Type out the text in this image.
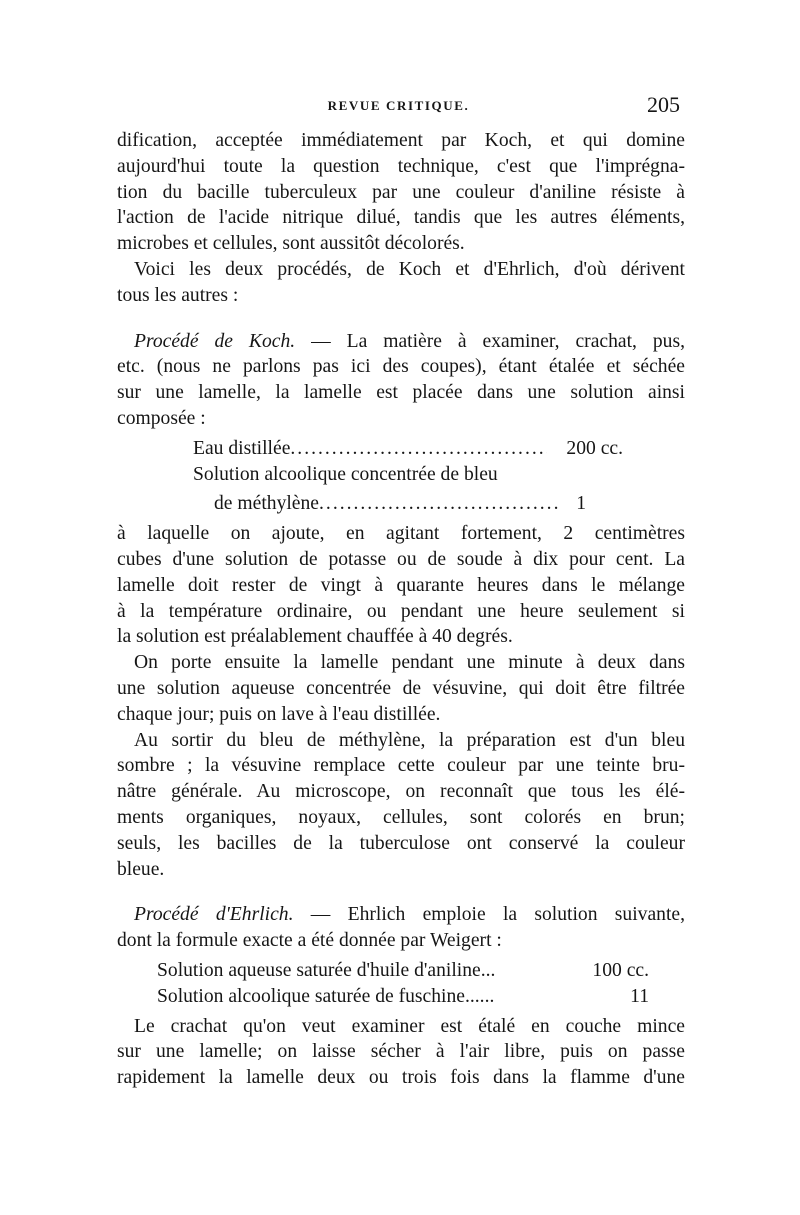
REVUE CRITIQUE.	205
dification, acceptée immédiatement par Koch, et qui domine
aujourd'hui toute la question technique, c'est que l'imprégna-
tion du bacille tuberculeux par une couleur d'aniline résiste à
l'action de l'acide nitrique dilué, tandis que les autres éléments,
microbes et cellules, sont aussitôt décolorés.
Voici les deux procédés, de Koch et d'Ehrlich, d'où dérivent
tous les autres :
Procédé de Koch. — La matière à examiner, crachat, pus,
etc. (nous ne parlons pas ici des coupes), étant étalée et séchée
sur une lamelle, la lamelle est placée dans une solution ainsi
composée :
Eau distillée .....	200 cc.
Solution alcoolique concentrée de bleu
de méthylène .....	1
à laquelle on ajoute, en agitant fortement, 2 centimètres
cubes d'une solution de potasse ou de soude à dix pour cent. La
lamelle doit rester de vingt à quarante heures dans le mélange
à la température ordinaire, ou pendant une heure seulement si
la solution est préalablement chauffée à 40 degrés.
On porte ensuite la lamelle pendant une minute à deux dans
une solution aqueuse concentrée de vésuvine, qui doit être filtrée
chaque jour; puis on lave à l'eau distillée.
Au sortir du bleu de méthylène, la préparation est d'un bleu
sombre ; la vésuvine remplace cette couleur par une teinte bru-
nâtre générale. Au microscope, on reconnaît que tous les élé-
ments organiques, noyaux, cellules, sont colorés en brun;
seuls, les bacilles de la tuberculose ont conservé la couleur
bleue.
Procédé d'Ehrlich. — Ehrlich emploie la solution suivante,
dont la formule exacte a été donnée par Weigert :
Solution aqueuse saturée d'huile d'aniline...	100 cc.
Solution alcoolique saturée de fuschine......	11
Le crachat qu'on veut examiner est étalé en couche mince
sur une lamelle; on laisse sécher à l'air libre, puis on passe
rapidement la lamelle deux ou trois fois dans la flamme d'une
